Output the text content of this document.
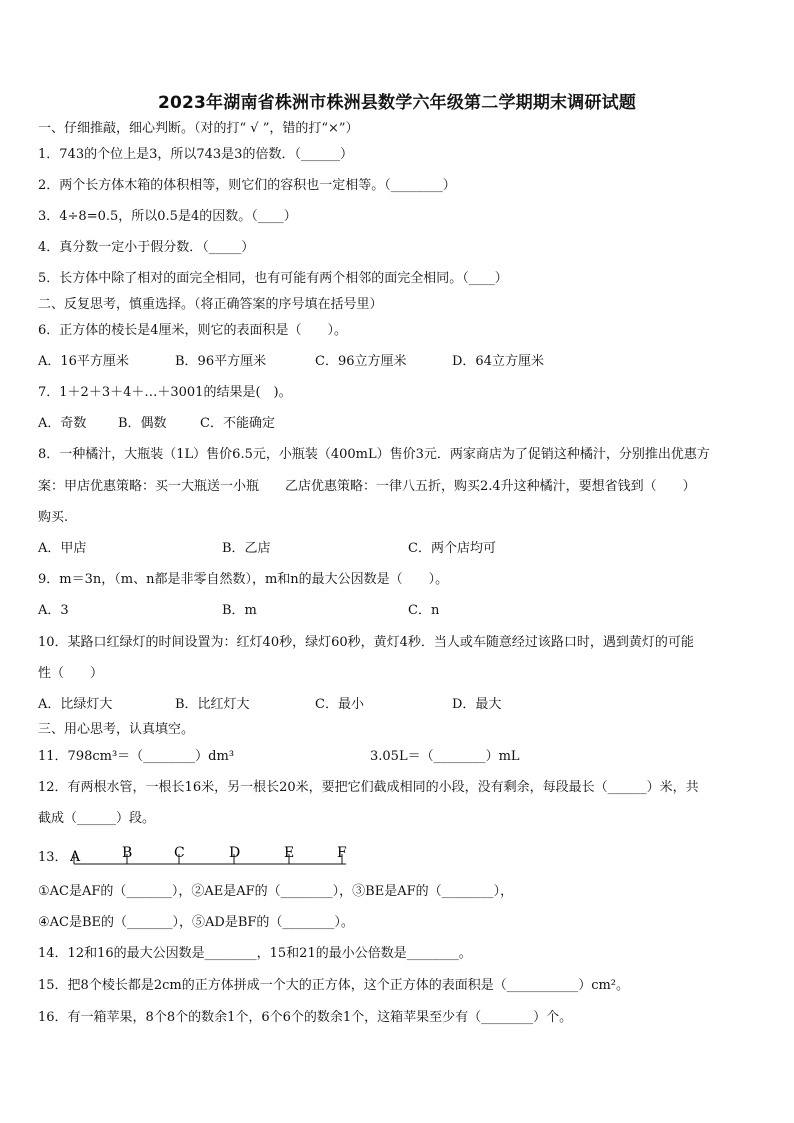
2023年湖南省株洲市株洲县数学六年级第二学期期末调研试题
一、仔细推敲，细心判断。（对的打“ √ ”，错的打“×”）
1．743的个位上是3，所以743是3的倍数．（______）
2．两个长方体木箱的体积相等，则它们的容积也一定相等。（________）
3．4÷8=0.5，所以0.5是4的因数。（____）
4．真分数一定小于假分数．（_____）
5．长方体中除了相对的面完全相同，也有可能有两个相邻的面完全相同。（____）
二、反复思考，慎重选择。（将正确答案的序号填在括号里）
6．正方体的棱长是4厘米，则它的表面积是（　　）。
A．16平方厘米	B．96平方厘米	C．96立方厘米	D．64立方厘米
7．1＋2＋3＋4＋…＋3001的结果是(　)。
A．奇数 B．偶数	C．不能确定
8．一种橘汁，大瓶装（1L）售价6.5元，小瓶装（400mL）售价3元．两家商店为了促销这种橘汁，分别推出优惠方
案：甲店优惠策略：买一大瓶送一小瓶　　乙店优惠策略：一律八五折，购买2.4升这种橘汁，要想省钱到（　　）
购买.
A．甲店	B．乙店	C．两个店均可
9．m＝3n，（m、n都是非零自然数），m和n的最大公因数是（　　）。
A．3	B．m	C．n
10．某路口红绿灯的时间设置为：红灯40秒，绿灯60秒，黄灯4秒．当人或车随意经过该路口时，遇到黄灯的可能
性（　　）
A．比绿灯大	B．比红灯大	C．最小	D．最大
三、用心思考，认真填空。
11．798cm³＝（________）dm³	3.05L＝（________）mL
12．有两根水管，一根长16米，另一根长20米，要把它们截成相同的小段，没有剩余，每段最长（______）米，共
截成（______）段。
13． A	B	C	D	E	F
①AC是AF的（_______），②AE是AF的（________），③BE是AF的（________），
④AC是BE的（_______），⑤AD是BF的（________）。
14．12和16的最大公因数是________，15和21的最小公倍数是________。
15．把8个棱长都是2cm的正方体拼成一个大的正方体，这个正方体的表面积是（___________）cm²。
16．有一箱苹果，8个8个的数余1个，6个6个的数余1个，这箱苹果至少有（________）个。
